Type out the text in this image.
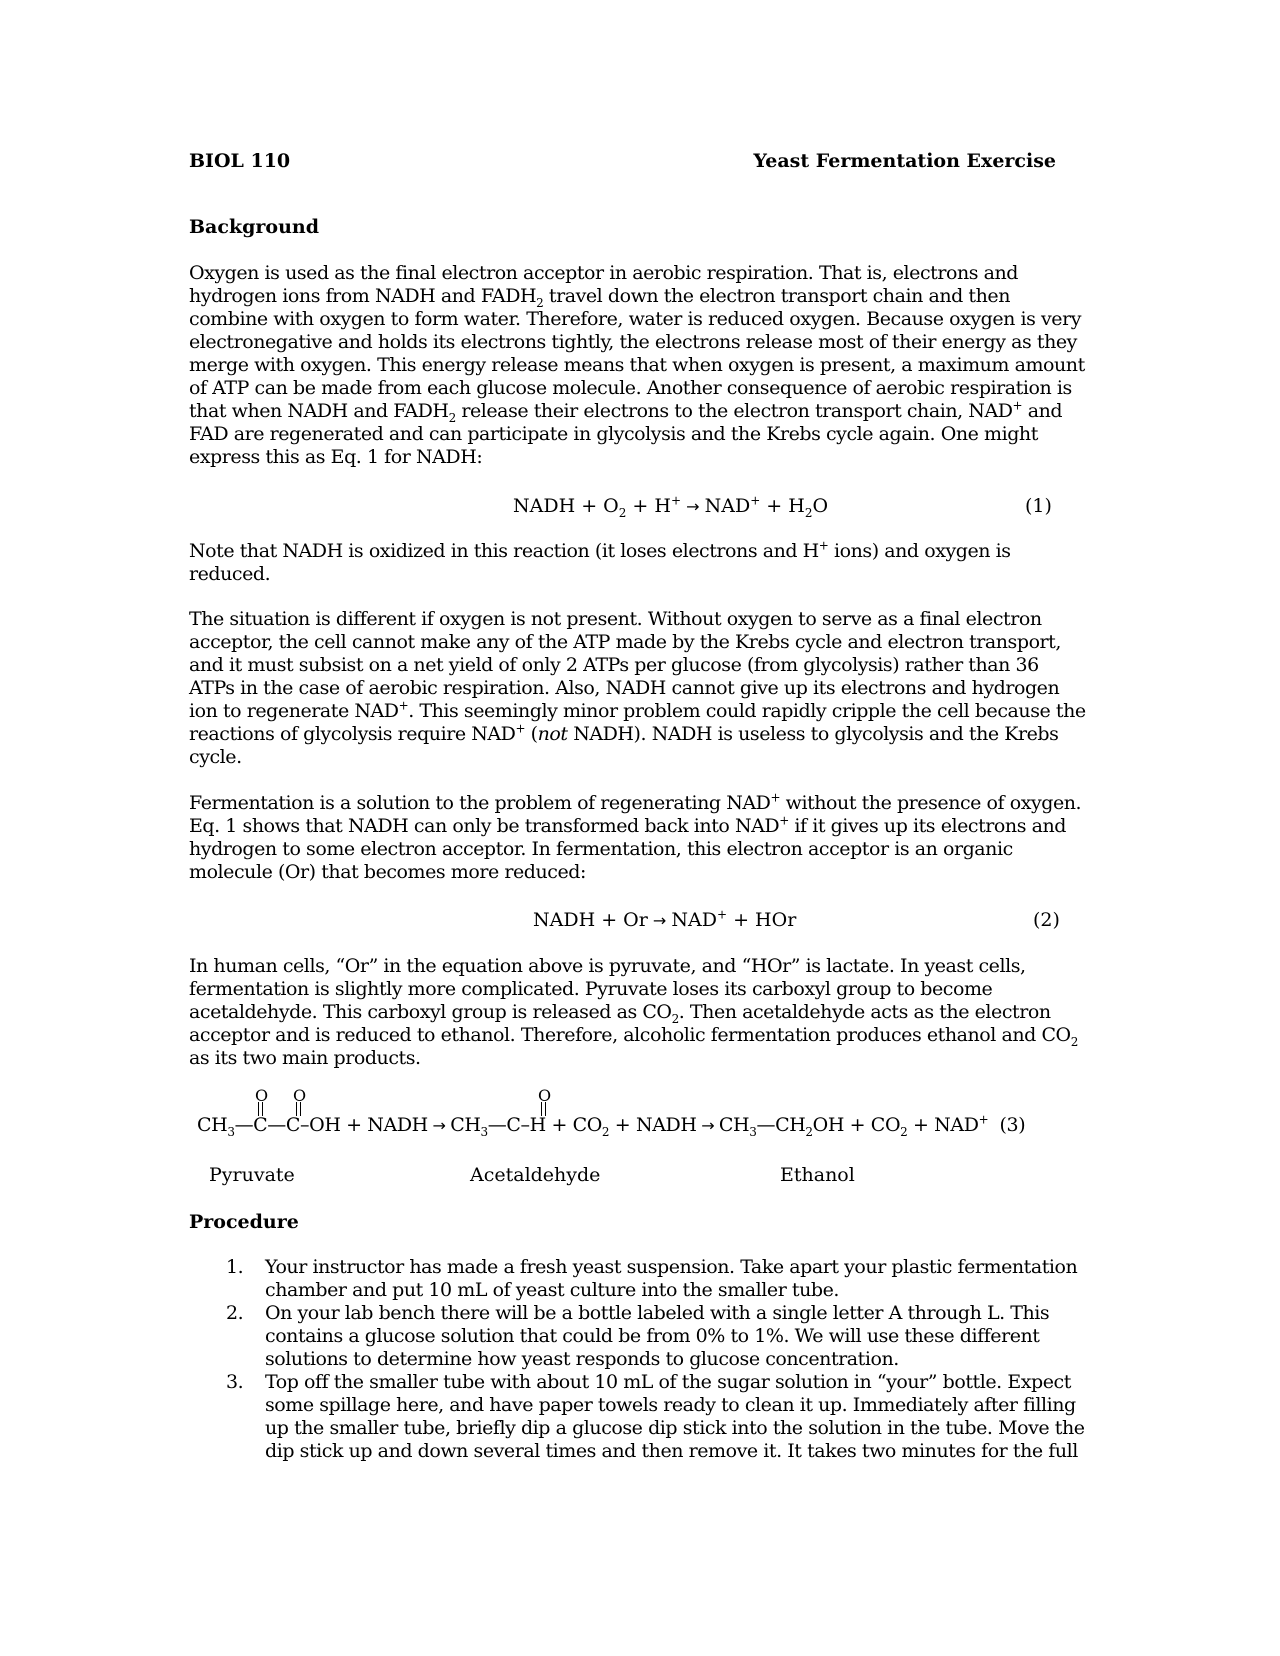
BIOL 110	Yeast Fermentation Exercise
Background
Oxygen is used as the final electron acceptor in aerobic respiration. That is, electrons and hydrogen ions from NADH and $FADH_2$ travel down the electron transport chain and then combine with oxygen to form water. Therefore, water is reduced oxygen. Because oxygen is very electronegative and holds its electrons tightly, the electrons release most of their energy as they merge with oxygen. This energy release means that when oxygen is present, a maximum amount of ATP can be made from each glucose molecule. Another consequence of aerobic respiration is that when NADH and $FADH_2$ release their electrons to the electron transport chain, NAD+ and FAD are regenerated and can participate in glycolysis and the Krebs cycle again. One might express this as Eq. 1 for NADH:
NADH + $O_2 + H^+ \to NAD^+ + H_2O$	(1)
Note that NADH is oxidized in this reaction (it loses electrons and H+ ions) and oxygen is reduced.
The situation is different if oxygen is not present. Without oxygen to serve as a final electron acceptor, the cell cannot make any of the ATP made by the Krebs cycle and electron transport, and it must subsist on a net yield of only 2 ATPs per glucose (from glycolysis) rather than 36 ATPs in the case of aerobic respiration. Also, NADH cannot give up its electrons and hydrogen ion to regenerate NAD+. This seemingly minor problem could rapidly cripple the cell because the reactions of glycolysis require NAD+ (not NADH). NADH is useless to glycolysis and the Krebs cycle.
Fermentation is a solution to the problem of regenerating NAD+ without the presence of oxygen. Eq. 1 shows that NADH can only be transformed back into NAD+ if it gives up its electrons and hydrogen to some electron acceptor. In fermentation, this electron acceptor is an organic molecule (Or) that becomes more reduced:
NADH + Or → NAD+ + HOr	(2)
In human cells, “Or” in the equation above is pyruvate, and “HOr” is lactate. In yeast cells, fermentation is slightly more complicated. Pyruvate loses its carboxyl group to become acetaldehyde. This carboxyl group is released as $CO_2$. Then acetaldehyde acts as the electron acceptor and is reduced to ethanol. Therefore, alcoholic fermentation produces ethanol and $CO_2$ as its two main products.
O O	O
$CH_3—C—C-OH$ + NADH → $CH_3—C-H + CO_2$ + NADH → $CH_3—CH_2OH + CO_2 + NAD^+$ (3)
Pyruvate	Acetaldehyde	Ethanol
Procedure
1. Your instructor has made a fresh yeast suspension. Take apart your plastic fermentation chamber and put 10 mL of yeast culture into the smaller tube.
2. On your lab bench there will be a bottle labeled with a single letter A through L. This contains a glucose solution that could be from 0% to 1%. We will use these different solutions to determine how yeast responds to glucose concentration.
3. Top off the smaller tube with about 10 mL of the sugar solution in “your” bottle. Expect some spillage here, and have paper towels ready to clean it up. Immediately after filling up the smaller tube, briefly dip a glucose dip stick into the solution in the tube. Move the dip stick up and down several times and then remove it. It takes two minutes for the full
